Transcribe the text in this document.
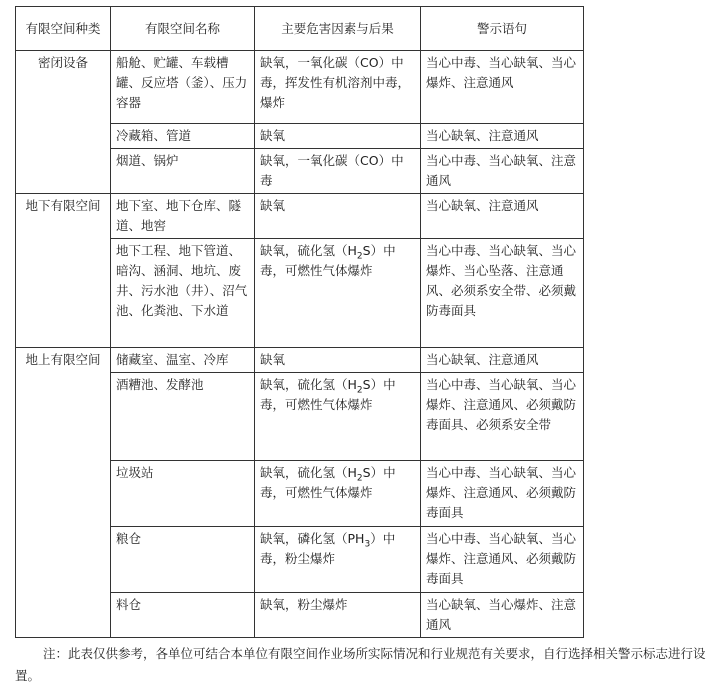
有限空间种类	有限空间名称	主要危害因素与后果	警示语句
密闭设备	船舱、贮罐、车载槽罐、反应塔（釜）、压力容器	缺氧，一氧化碳（CO）中毒，挥发性有机溶剂中毒，爆炸	当心中毒、当心缺氧、当心爆炸、注意通风
	冷藏箱、管道	缺氧	当心缺氧、注意通风
	烟道、锅炉	缺氧，一氧化碳（CO）中毒	当心中毒、当心缺氧、注意通风
地下有限空间	地下室、地下仓库、隧道、地窖	缺氧	当心缺氧、注意通风
	地下工程、地下管道、暗沟、涵洞、地坑、废井、污水池（井）、沼气池、化粪池、下水道	缺氧，硫化氢$(H_2S)$中毒，可燃性气体爆炸	当心中毒、当心缺氧、当心爆炸、当心坠落、注意通风、必须系安全带、必须戴防毒面具
地上有限空间	储藏室、温室、冷库	缺氧	当心缺氧、注意通风
	酒糟池、发酵池	缺氧，硫化氢$(H_2S)$中毒，可燃性气体爆炸	当心中毒、当心缺氧、当心爆炸、注意通风、必须戴防毒面具、必须系安全带
	垃圾站	缺氧，硫化氢$(H_2S)$中毒，可燃性气体爆炸	当心中毒、当心缺氧、当心爆炸、注意通风、必须戴防毒面具
	粮仓	缺氧，磷化氢$(PH_3)$中毒，粉尘爆炸	当心中毒、当心缺氧、当心爆炸、注意通风、必须戴防毒面具
	料仓	缺氧，粉尘爆炸	当心缺氧、当心爆炸、注意通风
注：此表仅供参考，各单位可结合本单位有限空间作业场所实际情况和行业规范有关要求，自行选择相关警示标志进行设置。
